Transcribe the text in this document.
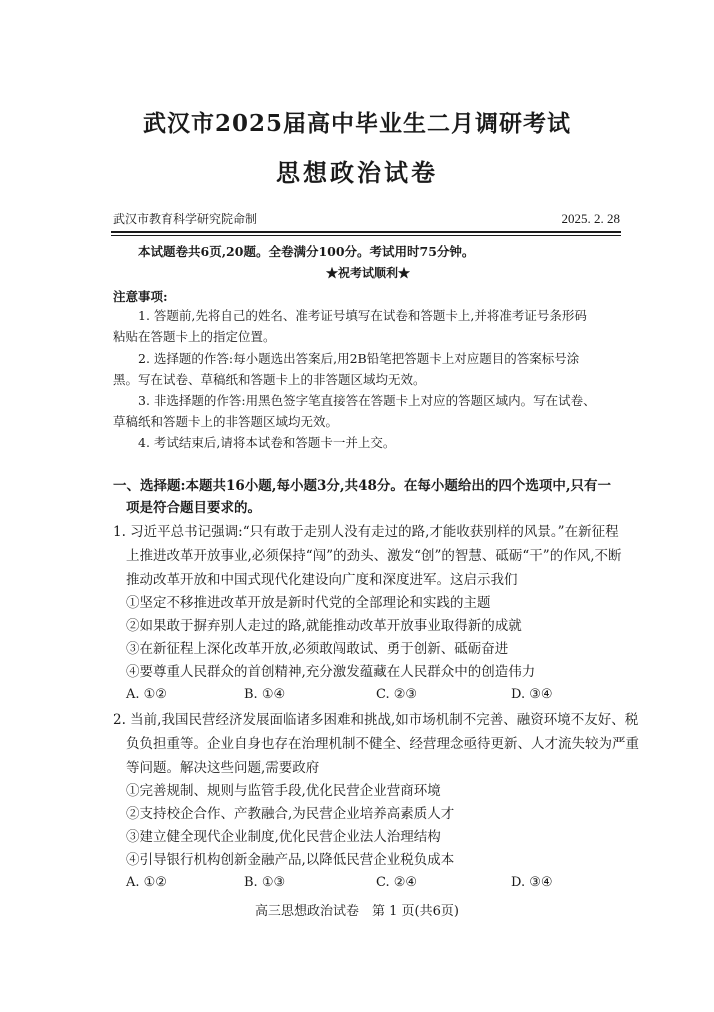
武汉市2025届高中毕业生二月调研考试
思想政治试卷
武汉市教育科学研究院命制	2025. 2. 28
本试题卷共6页,20题。全卷满分100分。考试用时75分钟。
★祝考试顺利★
注意事项:
1. 答题前,先将自己的姓名、准考证号填写在试卷和答题卡上,并将准考证号条形码
粘贴在答题卡上的指定位置。
2. 选择题的作答:每小题选出答案后,用2B铅笔把答题卡上对应题目的答案标号涂
黑。写在试卷、草稿纸和答题卡上的非答题区域均无效。
3. 非选择题的作答:用黑色签字笔直接答在答题卡上对应的答题区域内。写在试卷、
草稿纸和答题卡上的非答题区域均无效。
4. 考试结束后,请将本试卷和答题卡一并上交。
一、选择题:本题共16小题,每小题3分,共48分。在每小题给出的四个选项中,只有一
项是符合题目要求的。
1. 习近平总书记强调:“只有敢于走别人没有走过的路,才能收获别样的风景。”在新征程
上推进改革开放事业,必须保持“闯”的劲头、激发“创”的智慧、砥砺“干”的作风,不断
推动改革开放和中国式现代化建设向广度和深度进军。这启示我们
①坚定不移推进改革开放是新时代党的全部理论和实践的主题
②如果敢于摒弃别人走过的路,就能推动改革开放事业取得新的成就
③在新征程上深化改革开放,必须敢闯敢试、勇于创新、砥砺奋进
④要尊重人民群众的首创精神,充分激发蕴藏在人民群众中的创造伟力
A. ①②	B. ①④	C. ②③	D. ③④
2. 当前,我国民营经济发展面临诸多困难和挑战,如市场机制不完善、融资环境不友好、税
负负担重等。企业自身也存在治理机制不健全、经营理念亟待更新、人才流失较为严重
等问题。解决这些问题,需要政府
①完善规制、规则与监管手段,优化民营企业营商环境
②支持校企合作、产教融合,为民营企业培养高素质人才
③建立健全现代企业制度,优化民营企业法人治理结构
④引导银行机构创新金融产品,以降低民营企业税负成本
A. ①②	B. ①③	C. ②④	D. ③④
高三思想政治试卷　第 1 页(共6页)
